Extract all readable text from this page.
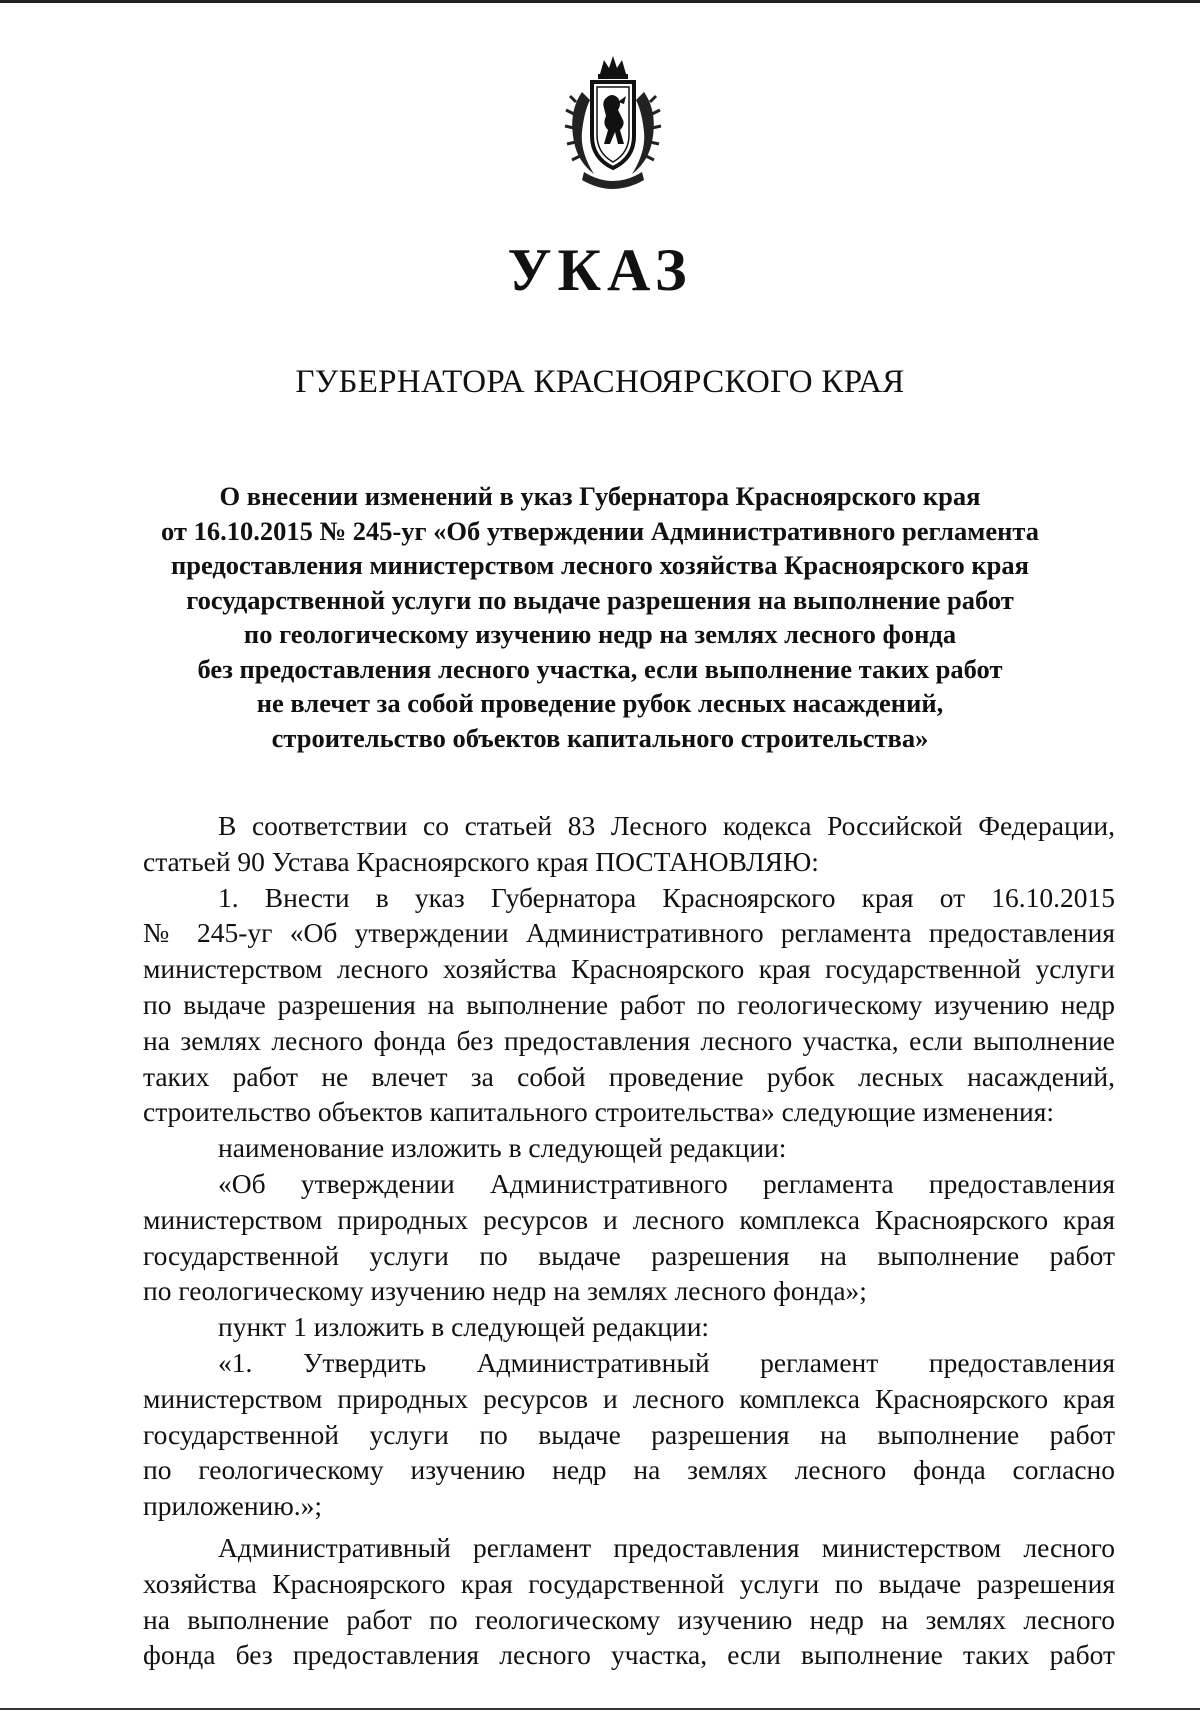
УКАЗ
ГУБЕРНАТОРА КРАСНОЯРСКОГО КРАЯ
О внесении изменений в указ Губернатора Красноярского края
от 16.10.2015 № 245-уг «Об утверждении Административного регламента
предоставления министерством лесного хозяйства Красноярского края
государственной услуги по выдаче разрешения на выполнение работ
по геологическому изучению недр на землях лесного фонда
без предоставления лесного участка, если выполнение таких работ
не влечет за собой проведение рубок лесных насаждений,
строительство объектов капитального строительства»
В соответствии со статьей 83 Лесного кодекса Российской Федерации,
статьей 90 Устава Красноярского края ПОСТАНОВЛЯЮ:
1. Внести в указ Губернатора Красноярского края от 16.10.2015
№ 245-уг «Об утверждении Административного регламента предоставления
министерством лесного хозяйства Красноярского края государственной услуги
по выдаче разрешения на выполнение работ по геологическому изучению недр
на землях лесного фонда без предоставления лесного участка, если выполнение
таких работ не влечет за собой проведение рубок лесных насаждений,
строительство объектов капитального строительства» следующие изменения:
наименование изложить в следующей редакции:
«Об утверждении Административного регламента предоставления
министерством природных ресурсов и лесного комплекса Красноярского края
государственной услуги по выдаче разрешения на выполнение работ
по геологическому изучению недр на землях лесного фонда»;
пункт 1 изложить в следующей редакции:
«1. Утвердить Административный регламент предоставления
министерством природных ресурсов и лесного комплекса Красноярского края
государственной услуги по выдаче разрешения на выполнение работ
по геологическому изучению недр на землях лесного фонда согласно
приложению.»;
Административный регламент предоставления министерством лесного
хозяйства Красноярского края государственной услуги по выдаче разрешения
на выполнение работ по геологическому изучению недр на землях лесного
фонда без предоставления лесного участка, если выполнение таких работ
